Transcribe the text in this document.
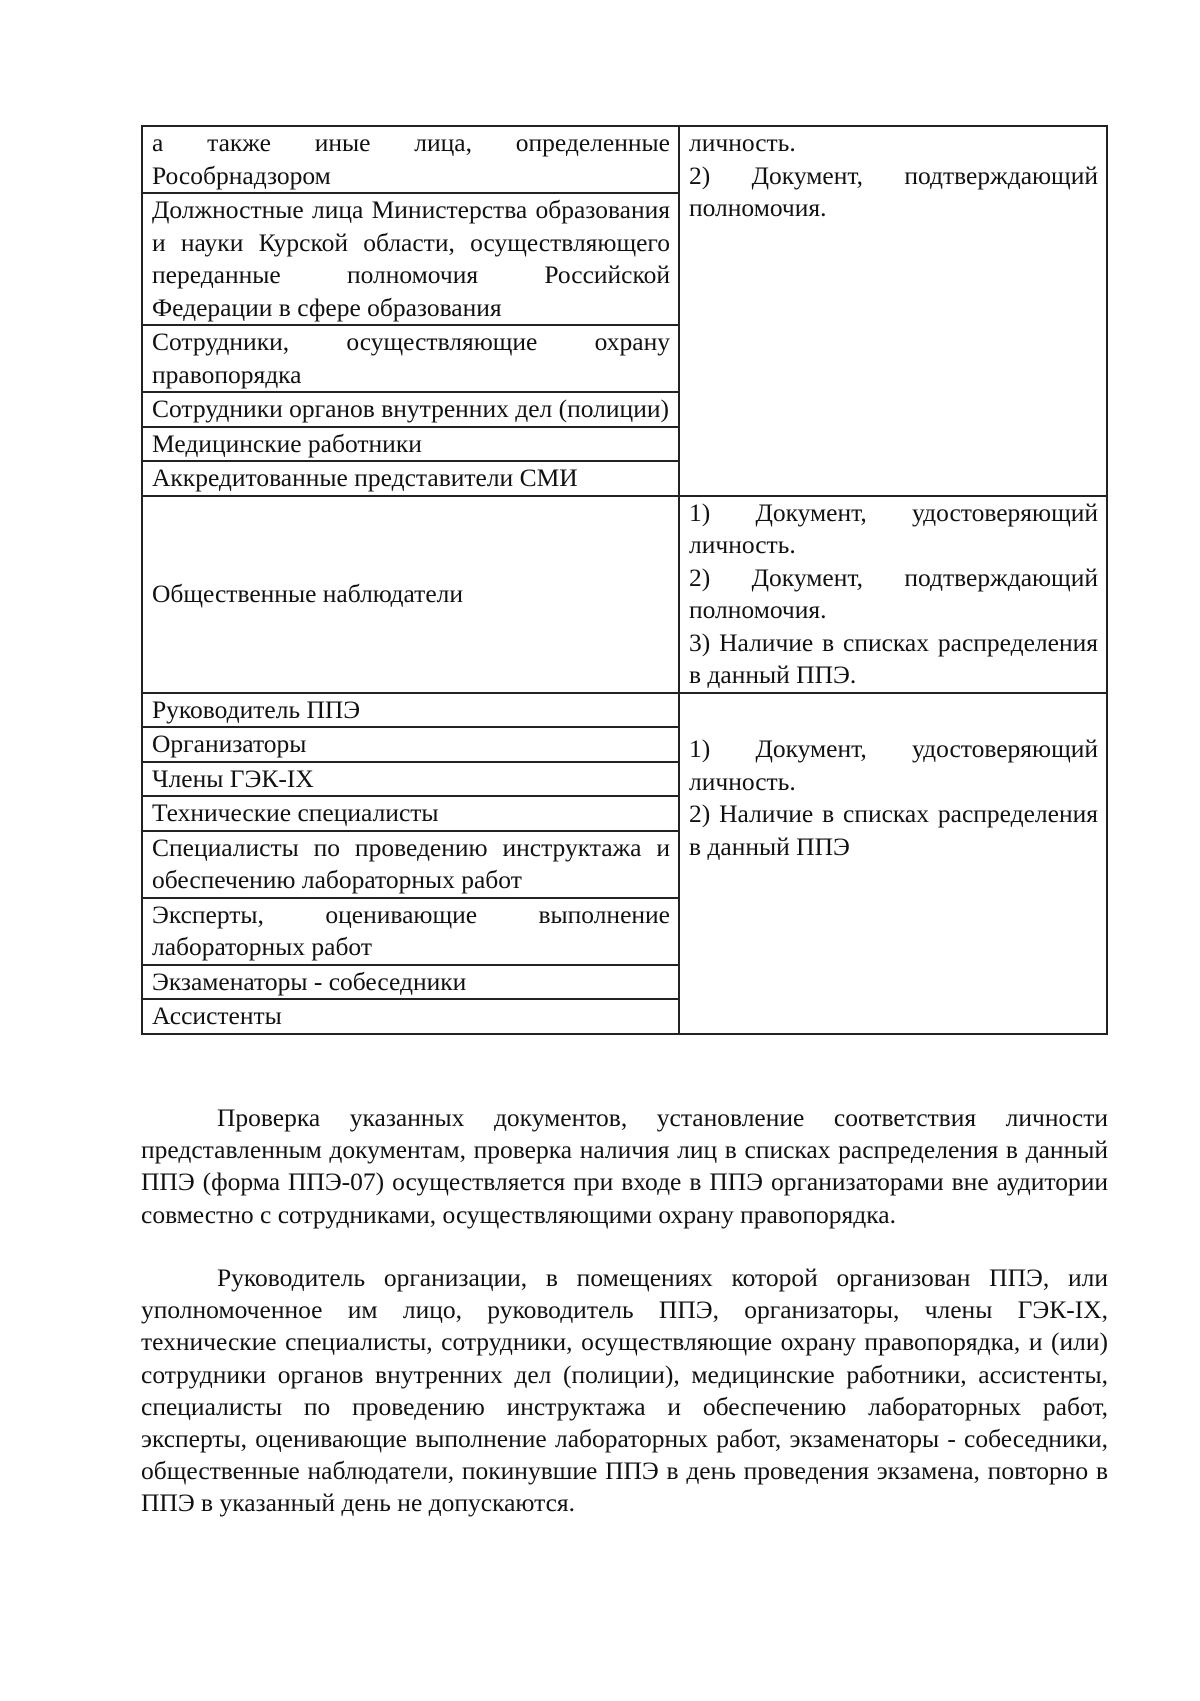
а также иные лица, определенные Рособрнадзором	личность.
2) Документ, подтверждающий полномочия.

Должностные лица Министерства образования и науки Курской области, осуществляющего переданные полномочия Российской Федерации в сфере образования	
Сотрудники, осуществляющие охрану правопорядка	
Сотрудники органов внутренних дел (полиции)	
Медицинские работники	
Аккредитованные представители СМИ	
Общественные наблюдатели	1) Документ, удостоверяющий личность.
2) Документ, подтверждающий полномочия.
3) Наличие в списках распределения в данный ППЭ.

Руководитель ППЭ	1) Документ, удостоверяющий личность.
2) Наличие в списках распределения в данный ППЭ

Организаторы	
Члены ГЭК-IX	
Технические специалисты	
Специалисты по проведению инструктажа и обеспечению лабораторных работ	
Эксперты, оценивающие выполнение лабораторных работ	
Экзаменаторы - собеседники	
Ассистенты	

Проверка указанных документов, установление соответствия личности представленным документам, проверка наличия лиц в списках распределения в данный ППЭ (форма ППЭ-07) осуществляется при входе в ППЭ организаторами вне аудитории совместно с сотрудниками, осуществляющими охрану правопорядка.

Руководитель организации, в помещениях которой организован ППЭ, или уполномоченное им лицо, руководитель ППЭ, организаторы, члены ГЭК-IX, технические специалисты, сотрудники, осуществляющие охрану правопорядка, и (или) сотрудники органов внутренних дел (полиции), медицинские работники, ассистенты, специалисты по проведению инструктажа и обеспечению лабораторных работ, эксперты, оценивающие выполнение лабораторных работ, экзаменаторы - собеседники, общественные наблюдатели, покинувшие ППЭ в день проведения экзамена, повторно в ППЭ в указанный день не допускаются.
